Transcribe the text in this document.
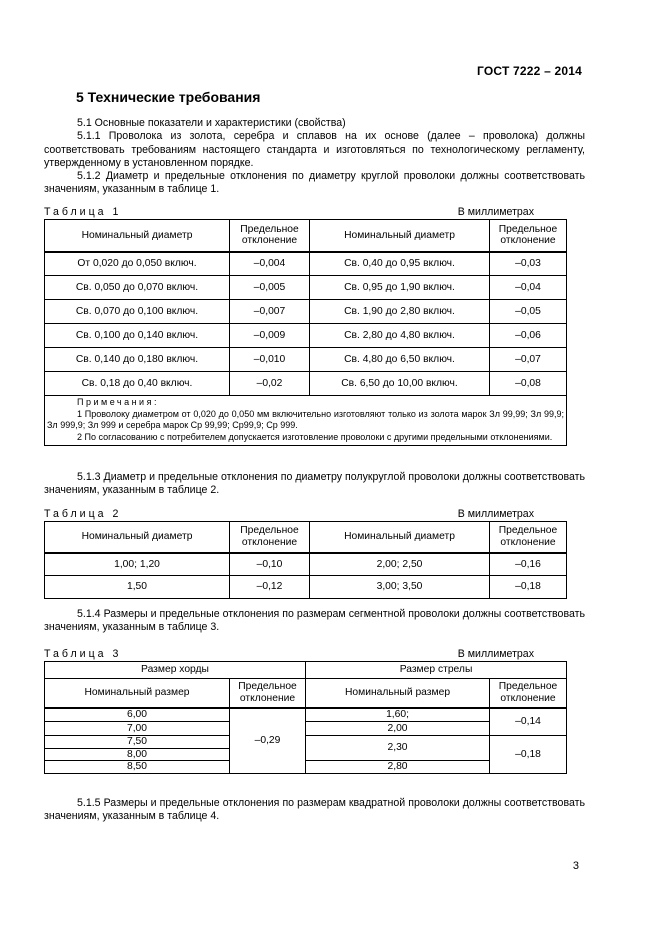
ГОСТ 7222 – 2014
5 Технические требования

5.1 Основные показатели и характеристики (свойства)

5.1.1 Проволока из золота, серебра и сплавов на их основе (далее – проволока) должны соответствовать требованиям настоящего стандарта и изготовляться по технологическому регламенту, утвержденному в установленном порядке.

5.1.2 Диаметр и предельные отклонения по диаметру круглой проволоки должны соответствовать значениям, указанным в таблице 1.

Таблица 1	В миллиметрах
Номинальный диаметр	Предельное отклонение	Номинальный диаметр	Предельное отклонение
От 0,020 до 0,050 включ.	–0,004	Св. 0,40 до 0,95 включ.	–0,03
Св. 0,050 до 0,070 включ.	–0,005	Св. 0,95 до 1,90 включ.	–0,04
Св. 0,070 до 0,100 включ.	–0,007	Св. 1,90 до 2,80 включ.	–0,05
Св. 0,100 до 0,140 включ.	–0,009	Св. 2,80 до 4,80 включ.	–0,06
Св. 0,140 до 0,180 включ.	–0,010	Св. 4,80 до 6,50 включ.	–0,07
Св. 0,18 до 0,40 включ.	–0,02	Св. 6,50 до 10,00 включ.	–0,08

Примечания:

1 Проволоку диаметром от 0,020 до 0,050 мм включительно изготовляют только из золота марок Зл 99,99; Зл 99,9; Зл 999,9; Зл 999 и серебра марок Ср 99,99; Ср99,9; Ср 999.

2 По согласованию с потребителем допускается изготовление проволоки с другими предельными отклонениями.			

5.1.3 Диаметр и предельные отклонения по диаметру полукруглой проволоки должны соответствовать значениям, указанным в таблице 2.

Таблица 2	В миллиметрах
Номинальный диаметр	Предельное отклонение	Номинальный диаметр	Предельное отклонение
1,00; 1,20	–0,10	2,00; 2,50	–0,16
1,50	–0,12	3,00; 3,50	–0,18

5.1.4 Размеры и предельные отклонения по размерам сегментной проволоки должны соответствовать значениям, указанным в таблице 3.

Таблица 3	В миллиметрах
Размер хорды		Размер стрелы	
Номинальный размер	Предельное отклонение	Номинальный размер	Предельное отклонение
6,00	–0,29	1,60;	–0,14
7,00		2,00	
7,50		2,30	–0,18
8,00			
8,50		2,80	

5.1.5 Размеры и предельные отклонения по размерам квадратной проволоки должны соответствовать значениям, указанным в таблице 4.

3
